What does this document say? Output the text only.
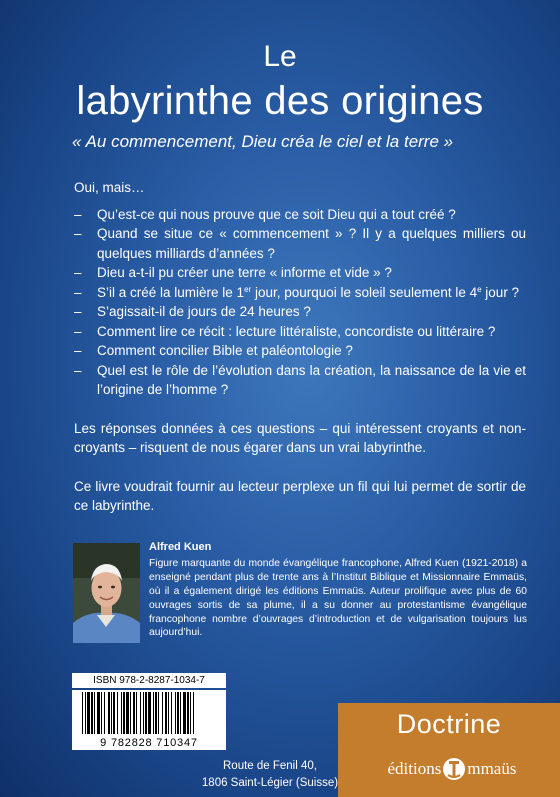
Le
labyrinthe des origines
« Au commencement, Dieu créa le ciel et la terre »

Oui, mais…

– Qu’est-ce qui nous prouve que ce soit Dieu qui a tout créé ?
– Quand se situe ce « commencement » ? Il y a quelques milliers ou quelques milliards d’années ?
– Dieu a-t-il pu créer une terre « informe et vide » ?
– S’il a créé la lumière le 1er jour, pourquoi le soleil seulement le 4e jour ?
– S’agissait-il de jours de 24 heures ?
– Comment lire ce récit : lecture littéraliste, concordiste ou littéraire ?
– Comment concilier Bible et paléontologie ?
– Quel est le rôle de l’évolution dans la création, la naissance de la vie et l’origine de l’homme ?

Les réponses données à ces questions – qui intéressent croyants et non-croyants – risquent de nous égarer dans un vrai labyrinthe.

Ce livre voudrait fournir au lecteur perplexe un fil qui lui permet de sortir de ce labyrinthe.

Alfred Kuen
Figure marquante du monde évangélique francophone, Alfred Kuen (1921-2018) a enseigné pendant plus de trente ans à l’Institut Biblique et Missionnaire Emmaüs, où il a également dirigé les éditions Emmaüs. Auteur prolifique avec plus de 60 ouvrages sortis de sa plume, il a su donner au protestantisme évangélique francophone nombre d’ouvrages d’introduction et de vulgarisation toujours lus aujourd’hui.
ISBN 978-2-8287-1034-7
9 782828 710347
Route de Fenil 40,
1806 Saint-Légier (Suisse)
Doctrine
éditions mmaüs
